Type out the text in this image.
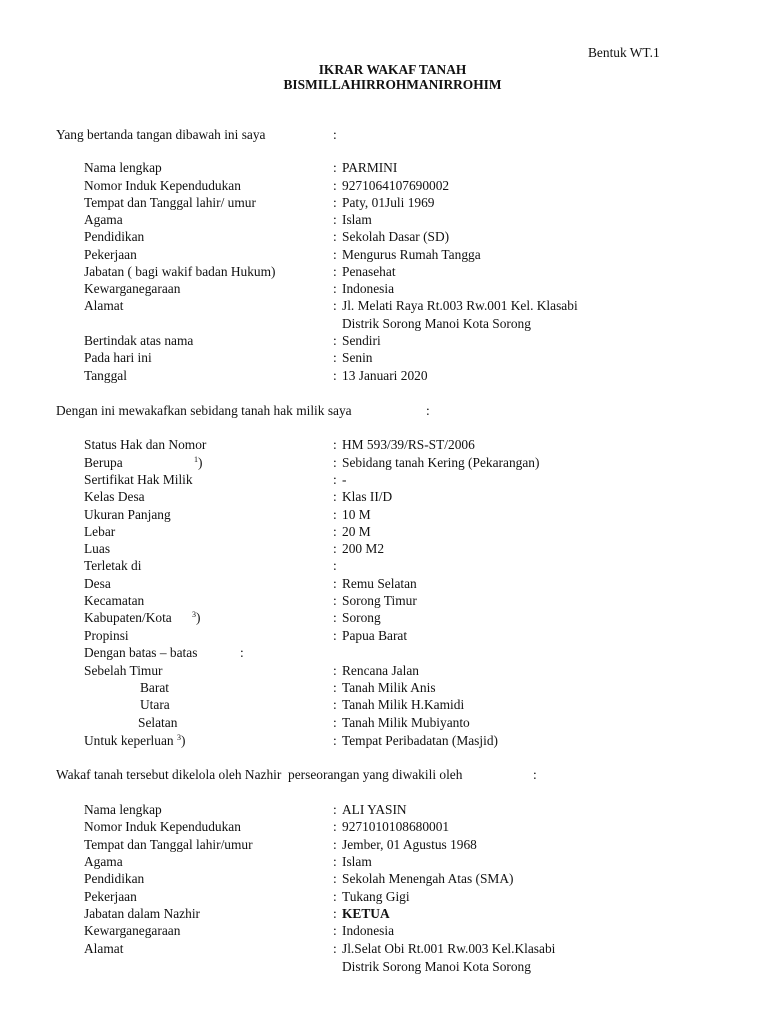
Bentuk WT.1
IKRAR WAKAF TANAH
BISMILLAHIRROHMANIRROHIM
Yang bertanda tangan dibawah ini saya	:
Nama lengkap	: PARMINI
Nomor Induk Kependudukan	: 9271064107690002
Tempat dan Tanggal lahir/ umur	: Paty, 01Juli 1969
Agama	: Islam
Pendidikan	: Sekolah Dasar (SD)
Pekerjaan	: Mengurus Rumah Tangga
Jabatan ( bagi wakif badan Hukum)	: Penasehat
Kewarganegaraan	: Indonesia
Alamat	: Jl. Melati Raya Rt.003 Rw.001 Kel. Klasabi
Distrik Sorong Manoi Kota Sorong
Bertindak atas nama	: Sendiri
Pada hari ini	: Senin
Tanggal	: 13 Januari 2020
Dengan ini mewakafkan sebidang tanah hak milik saya	:
Status Hak dan Nomor	: HM 593/39/RS-ST/2006
Berupa	$^1$)	: Sebidang tanah Kering (Pekarangan)
Sertifikat Hak Milik	: -
Kelas Desa	: Klas II/D
Ukuran Panjang	: 10 M
Lebar	: 20 M
Luas	: 200 M2
Terletak di	:
Desa	: Remu Selatan
Kecamatan	: Sorong Timur
Kabupaten/Kota	$^3$)	: Sorong
Propinsi	: Papua Barat
Dengan batas – batas	:
Sebelah Timur	: Rencana Jalan
Barat	: Tanah Milik Anis
Utara	: Tanah Milik H.Kamidi
Selatan	: Tanah Milik Mubiyanto
Untuk keperluan $^3$)	: Tempat Peribadatan (Masjid)
Wakaf tanah tersebut dikelola oleh Nazhir  perseorangan yang diwakili oleh	:
Nama lengkap	: ALI YASIN
Nomor Induk Kependudukan	: 9271010108680001
Tempat dan Tanggal lahir/umur	: Jember, 01 Agustus 1968
Agama	: Islam
Pendidikan	: Sekolah Menengah Atas (SMA)
Pekerjaan	: Tukang Gigi
Jabatan dalam Nazhir	: KETUA
Kewarganegaraan	: Indonesia
Alamat	: Jl.Selat Obi Rt.001 Rw.003 Kel.Klasabi
Distrik Sorong Manoi Kota Sorong
